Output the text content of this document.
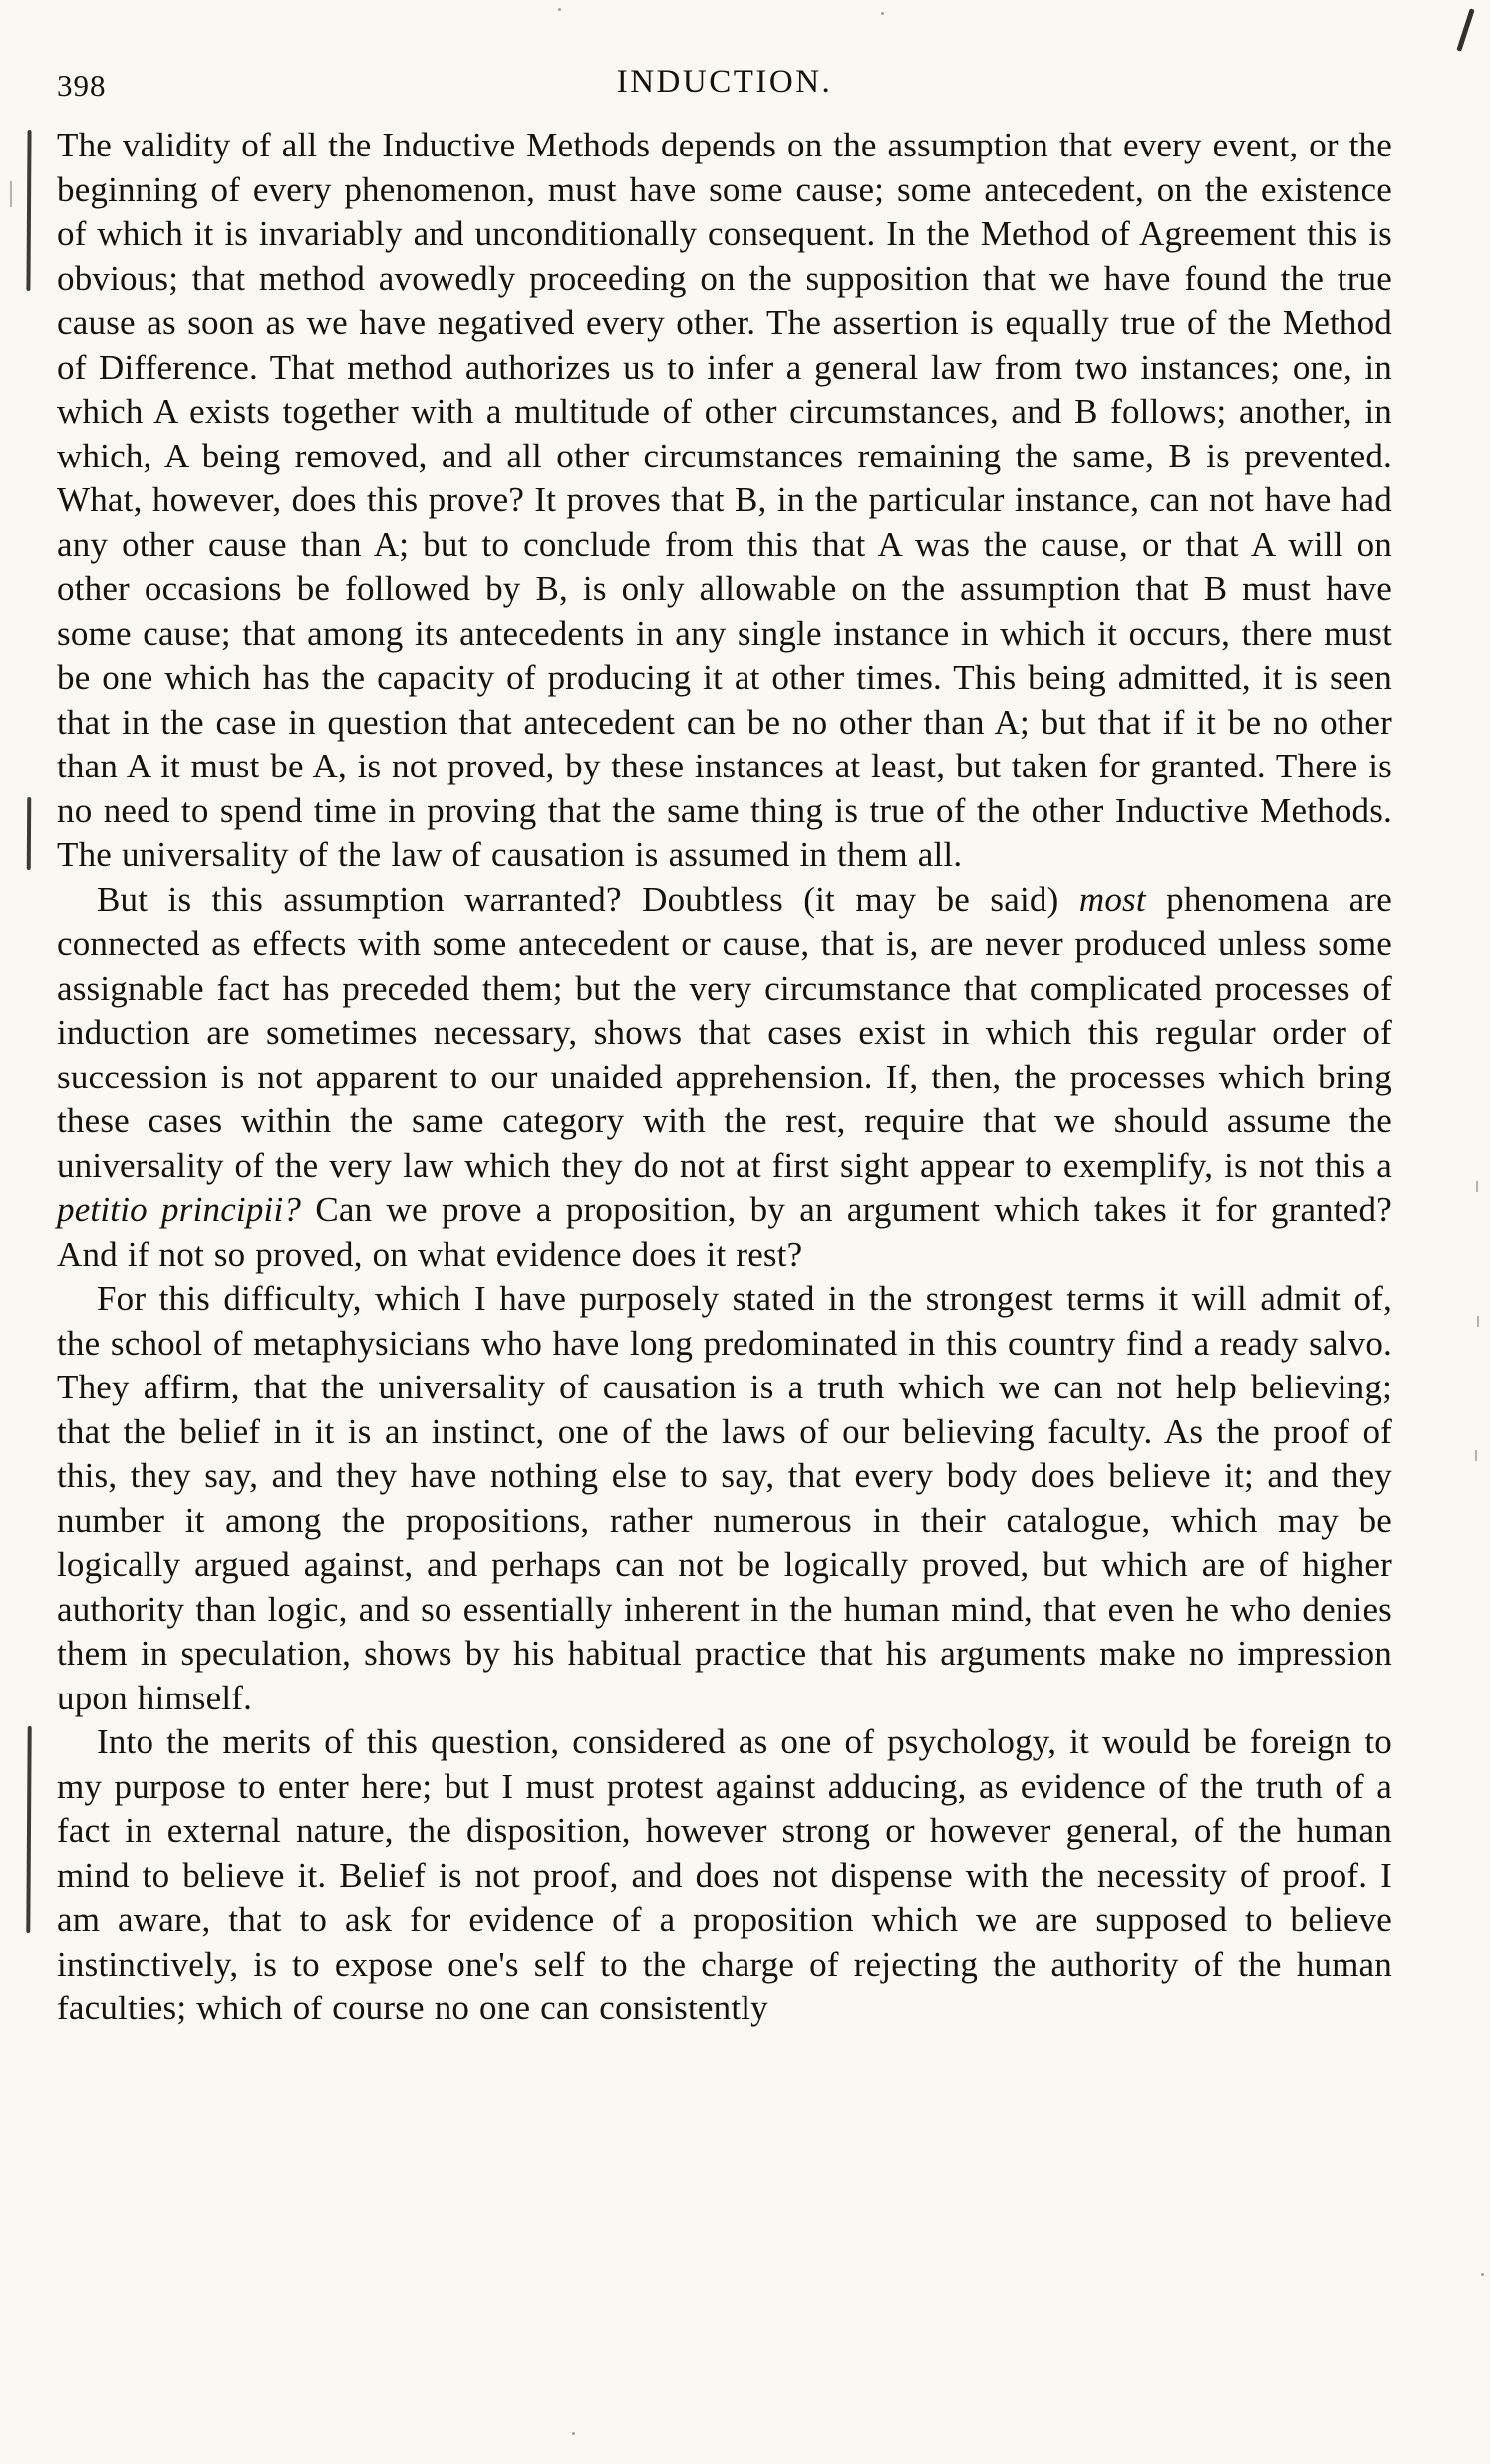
398	INDUCTION.

The validity of all the Inductive Methods depends on the assumption that every event, or the beginning of every phenomenon, must have some cause; some antecedent, on the existence of which it is invariably and unconditionally consequent. In the Method of Agreement this is obvious; that method avowedly proceeding on the supposition that we have found the true cause as soon as we have negatived every other. The assertion is equally true of the Method of Difference. That method authorizes us to infer a general law from two instances; one, in which A exists together with a multitude of other circumstances, and B follows; another, in which, A being removed, and all other circumstances remaining the same, B is prevented. What, however, does this prove? It proves that B, in the particular instance, can not have had any other cause than A; but to conclude from this that A was the cause, or that A will on other occasions be followed by B, is only allowable on the assumption that B must have some cause; that among its antecedents in any single instance in which it occurs, there must be one which has the capacity of producing it at other times. This being admitted, it is seen that in the case in question that antecedent can be no other than A; but that if it be no other than A it must be A, is not proved, by these instances at least, but taken for granted. There is no need to spend time in proving that the same thing is true of the other Inductive Methods. The universality of the law of causation is assumed in them all.

But is this assumption warranted? Doubtless (it may be said) most phenomena are connected as effects with some antecedent or cause, that is, are never produced unless some assignable fact has preceded them; but the very circumstance that complicated processes of induction are sometimes necessary, shows that cases exist in which this regular order of succession is not apparent to our unaided apprehension. If, then, the processes which bring these cases within the same category with the rest, require that we should assume the universality of the very law which they do not at first sight appear to exemplify, is not this a petitio principii? Can we prove a proposition, by an argument which takes it for granted? And if not so proved, on what evidence does it rest?

For this difficulty, which I have purposely stated in the strongest terms it will admit of, the school of metaphysicians who have long predominated in this country find a ready salvo. They affirm, that the universality of causation is a truth which we can not help believing; that the belief in it is an instinct, one of the laws of our believing faculty. As the proof of this, they say, and they have nothing else to say, that every body does believe it; and they number it among the propositions, rather numerous in their catalogue, which may be logically argued against, and perhaps can not be logically proved, but which are of higher authority than logic, and so essentially inherent in the human mind, that even he who denies them in speculation, shows by his habitual practice that his arguments make no impression upon himself.

Into the merits of this question, considered as one of psychology, it would be foreign to my purpose to enter here; but I must protest against adducing, as evidence of the truth of a fact in external nature, the disposition, however strong or however general, of the human mind to believe it. Belief is not proof, and does not dispense with the necessity of proof. I am aware, that to ask for evidence of a proposition which we are supposed to believe instinctively, is to expose one's self to the charge of rejecting the authority of the human faculties; which of course no one can consistently
